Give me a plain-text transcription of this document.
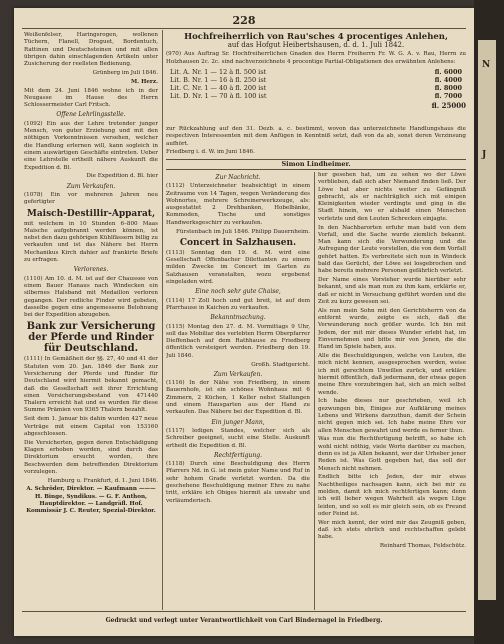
228

Weißenfelser, Haringsrogen, wollenen Tüchern, Flanell, Droguet, Bordentuch, Rattinen und Deutschsteinen und mit allen übrigen dahin einschlagenden Artikeln unter Zusicherung der reellsten Bedienung.

Grünberg im Juli 1846.

M. Herz.

Mit dem 24. Juni 1846 wohne ich in der Neugasse im Hause des Herrn Schlossermeister Carl Fritsch.

Offene Lehrlingsstelle.

(1092) Ein aus der Lehre tretender junger Mensch, von guter Erziehung und mit den nöthigen Vorkenntnissen versehen, welcher die Handlung erlernen will, kann sogleich in einem auswärtigen Geschäfte eintreten. Ueber eine Lehrstelle ertheilt nähere Auskunft die Expedition d. Bl.

Die Expedition d. Bl. hier

Zum Verkaufen.

(1078) Ein vor mehreren Jahren neu gefertigter

Maisch-Destillir-Apparat,

mit welchem in 10 Stunden 6–800 Maas Maische aufgebrannt werden können, ist nebst den dazu gehörigen Kühlfässern billig zu verkaufen und ist das Nähere bei Herrn Mechanikus Kirch dahier auf frankirte Briefe zu erfragen.

Verlorenes.

(1110) Am 10. d. M. ist auf der Chaussee von einem Bauer Hanaus nach Windecken ein silbernes Halsband mit Medaillon verloren gegangen. Der redliche Finder wird gebeten, dasselbe gegen eine angemessene Belohnung bei der Expedition abzugeben.

Bank zur Versicherung der Pferde und Rinder für Deutschland.

(1111) In Gemäßheit der §§. 27, 40 und 41 der Statuten vom 20. Jan. 1846 der Bank zur Versicherung der Pferde und Rinder für Deutschland wird hiermit bekannt gemacht, daß die Gesellschaft seit ihrer Errichtung einen Versicherungsbestand von 471440 Thalern erreicht hat und es wurden für diese Summe Prämien von 9365 Thalern bezahlt.

Seit dem 1. Januar bis dahin wurden 427 neue Verträge mit einem Capital von 153160 abgeschlossen.

Die Versicherten, gegen deren Entschädigung Klagen erhoben worden, sind durch das Direktorium ersucht worden, ihre Beschwerden dem betreffenden Direktorium vorzulegen.

Hamburg u. Frankfurt, d. 1. Juni 1846.

A. Schröder, Direktor. — Kaufmann ——— H. Binge, Syndikus. — G. F. Anthon, Hauptdirektor. — Landgräfl. Hof. Kommissär J. C. Reuter, Spezial-Direktor.

Hochfreiherrlich von Rau'sches 4 procentiges Anlehen,
auf das Hofgut Heibertshausen, d. d. 1. Juli 1842.

(970) Aus Auftrag Sr. Hochfreiherrlichen Gnaden des Herrn Freiherrn Fr. W. G. A. v. Rau, Herrn zu Holzhausen 2c. 2c. sind nachverzeichnete 4 procentige Partial-Obligationen des erwähnten Anlehens:

Lit. A. Nr. 1 — 12 à fl. 500 ist	fl. 6000
Lit. B. Nr. 1 — 16 à fl. 250 ist	fl. 4000
Lit. C. Nr. 1 — 40 à fl. 200 ist	fl. 8000
Lit. D. Nr. 1 — 70 à fl. 100 ist	fl. 7000
fl. 25000

zur Rückzahlung auf den 31. Dezb. a. c. bestimmt, wovon das unterzeichnete Handlungshaus die respectiven Interessenten mit dem Anfügen in Kenntniß setzt, daß von da ab, sonst deren Verzinsung aufhört.

Friedberg i. d. W. im Juni 1846.

Simon Lindheimer.
Zur Nachricht.

(1112) Unterzeichneter beabsichtigt in einem Zeitraume von 14 Tagen, wegen Veränderung des Wohnortes, mehrere Schreinerwerkzeuge, als: ausgestattet 2 Drehbanken, Hobelbänke, Kommoden, Tische und sonstiges Handwerksgeschirr zu verkaufen.

Fürstenbach im Juli 1846. Philipp Dauernheim.

Concert in Salzhausen.

(1113) Sonntag den 19. d. M. wird eine Gesellschaft Offenbacher Dilettanten zu einem milden Zwecke im Concert im Garten zu Salzhausen veranstalten, wozu ergebenst eingeladen wird.

Eine noch sehr gute Chaise,

(1114) 17 Zoll hoch und gut breit, ist auf dem Pfarrhause in Kaichen zu verkaufen.

Bekanntmachung.

(1115) Montag den 27. d. M. Vormittags 9 Uhr, soll das Mobiliar des verlebten Herrn Oberpfarrer Dieffenbach auf dem Rathhause zu Friedberg öffentlich versteigert werden. Friedberg den 19. Juli 1846.

Großh. Stadtgericht.

Zum Verkaufen.

(1116) In der Nähe von Friedberg, in einem Bauernhofe, ist ein schönes Wohnhaus mit 6 Zimmern, 2 Küchen, 1 Keller nebst Stallungen und einem Hausgarten aus der Hand zu verkaufen. Das Nähere bei der Expedition d. Bl.

Ein junger Mann,

(1117) ledigen Standes, welcher sich als Schreiber geeignet, sucht eine Stelle. Auskunft ertheilt die Expedition d. Bl.

Rechtfertigung.

(1118) Durch eine Beschuldigung des Herrn Pfarrers Nd. in G. ist mein guter Name und Ruf in sehr hohem Grade verletzt worden. Da die geschehene Beschuldigung meiner Ehre zu nahe tritt, erkläre ich Obiges hiermit als unwahr und verläumderisch.

her gesehen hat, um zu sehen wo der Löwe verblieben, daß sich aber Niemand finden ließ. Der Löwe hat aber nichts weiter zu Gefängniß gebracht, als er nachträglich sich mit einigen Kleinigkeiten wieder verdingte und ging in die Stadt hinein, wo er alsbald einen Menschen verletzte und den Leuten Schrecken einjagte.

In den Nachbarorten erfuhr man bald von dem Vorfall, und die Sache wurde ziemlich bekannt. Man kann sich die Verwunderung und die Aufregung der Leute vorstellen, die von dem Vorfall gehört hatten. Es verbreitete sich nun in Windeck bald das Gerücht, der Löwe sei losgebrochen und habe bereits mehrere Personen gefährlich verletzt.

Der Name eines Vorsteher wurde hierüber sehr bekannt, und als man nun zu ihm kam, erklärte er, daß er nicht in Versuchung geführt worden und die Zeit zu kurz gewesen sei.

Als nun mein Sohn mit den Gerichtsherrn von da entfernt wurde, zeigte es sich, daß die Verwunderung noch größer wurde. Ich bin mit Jedem, der mit mir dieses Wunder erlebt hat, im Einvernehmen und bitte mir von Jenen, die die Hand im Spiele haben, aus.

Alle die Beschuldigungen, welche von Leuten, die mich nicht kennen, ausgesprochen werden, weise ich mit gerechtem Unwillen zurück, und erkläre hiermit öffentlich, daß jedermann, der etwas gegen meine Ehre vorzubringen hat, sich an mich selbst wende.

Ich habe dieses nur geschrieben, weil ich gezwungen bin, Einiges zur Aufklärung meines Lebens und Wirkens darzuthun, damit der Schein nicht gegen mich sei. Ich habe meine Ehre vor allen Menschen gewahrt und werde es ferner thun.

Was nun die Rechtfertigung betrifft, so habe ich wohl nicht nöthig, viele Worte darüber zu machen, denn es ist ja Allen bekannt, wer der Urheber jener Reden ist. Was Gott gegeben hat, das soll der Mensch nicht nehmen.

Endlich bitte ich Jeden, der mir etwas Nachtheiliges nachsagen kann, sich bei mir zu melden, damit ich mich rechtfertigen kann; denn ich will lieber wegen Wahrheit als wegen Lüge leiden, und so soll es mir gleich sein, ob es Freund oder Feind ist.

Wer mich kennt, der wird mir das Zeugniß geben, daß ich stets ehrlich und rechtschaffen gelebt habe.

Reinhard Thomas, Feldschütz.

Gedruckt und verlegt unter Verantwortlichkeit von Carl Bindernagel in Friedberg.
N
J
